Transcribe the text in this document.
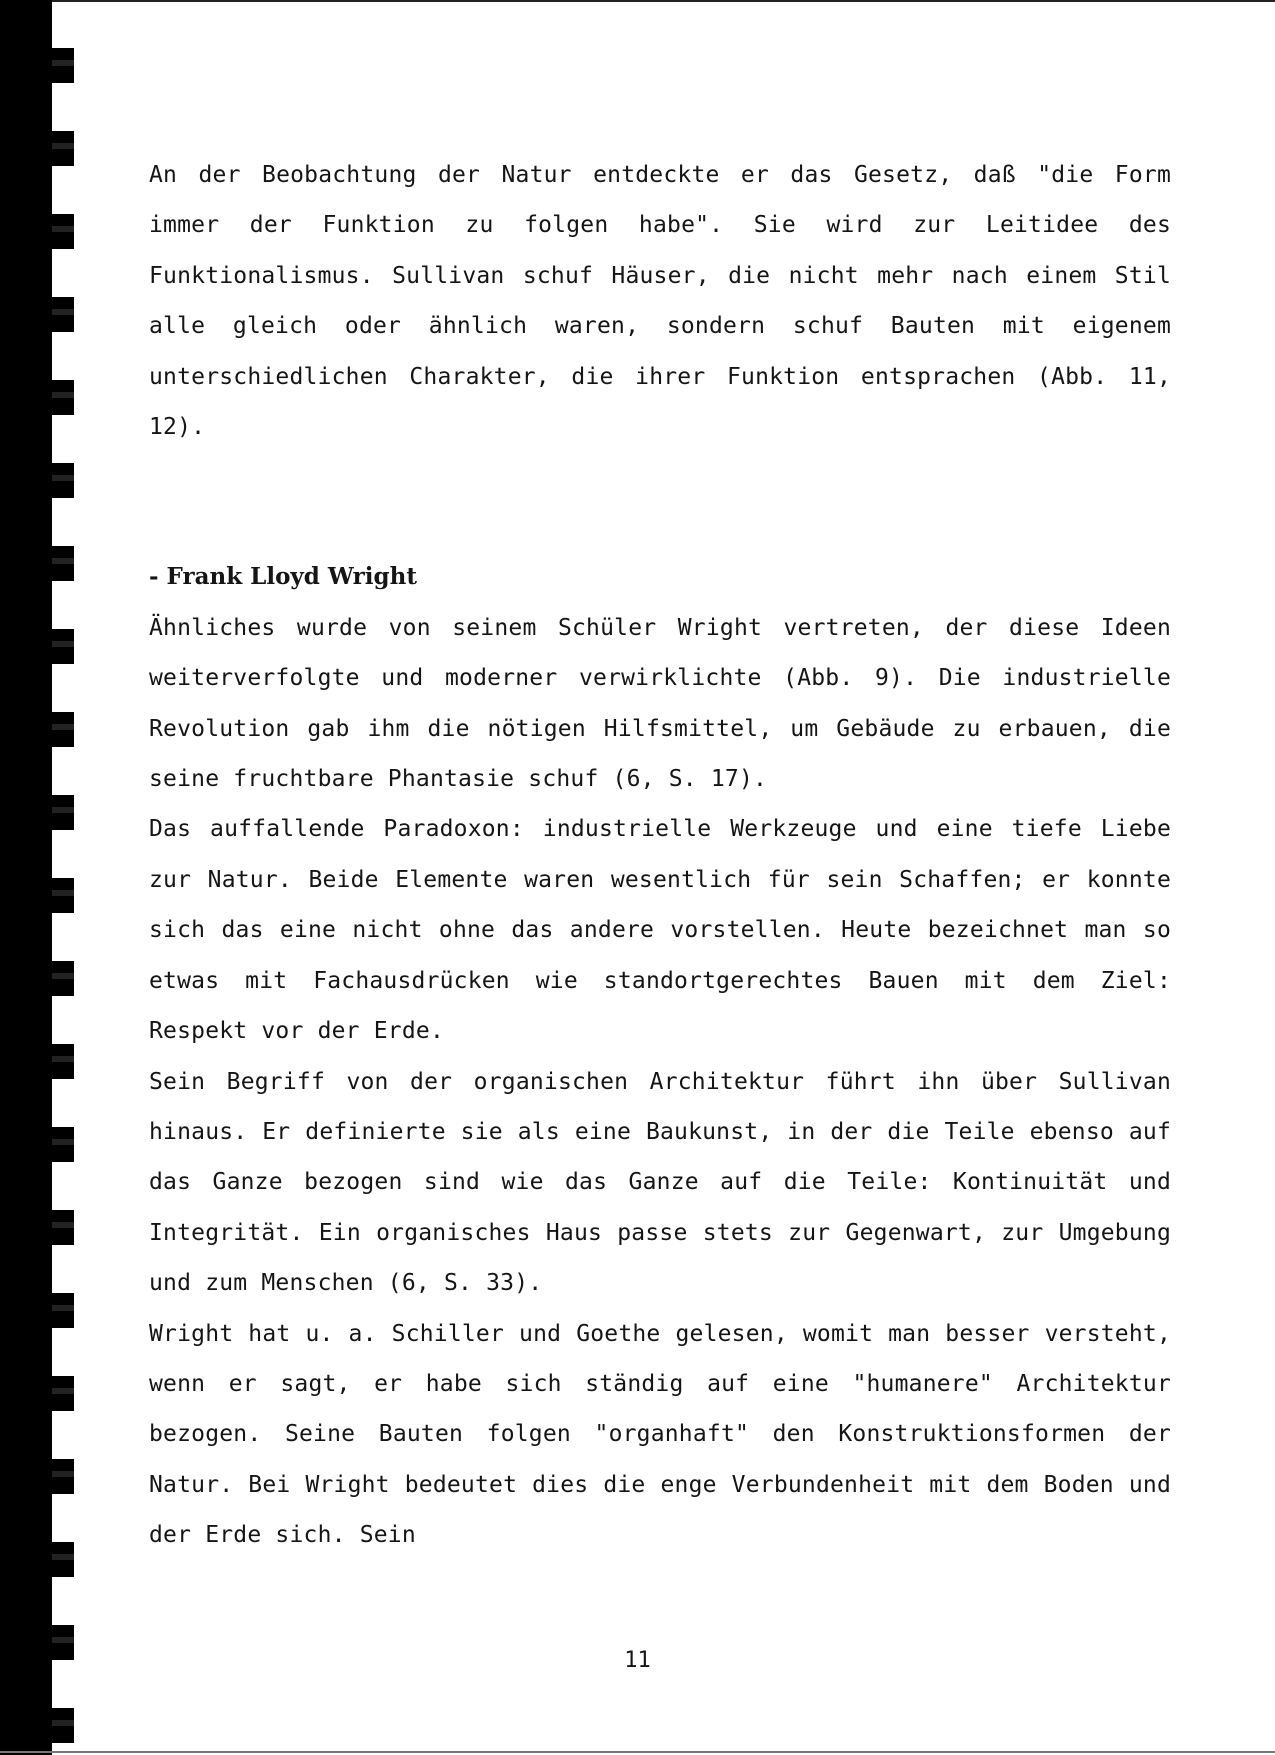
An der Beobachtung der Natur entdeckte er das Gesetz, daß "die Form immer der Funktion zu folgen habe". Sie wird zur Leitidee des Funktionalismus. Sullivan schuf Häuser, die nicht mehr nach einem Stil alle gleich oder ähnlich waren, sondern schuf Bauten mit eigenem unterschiedlichen Charakter, die ihrer Funktion entsprachen (Abb. 11, 12).

- Frank Lloyd Wright

Ähnliches wurde von seinem Schüler Wright vertreten, der diese Ideen weiterverfolgte und moderner verwirklichte (Abb. 9). Die industrielle Revolution gab ihm die nötigen Hilfsmittel, um Gebäude zu erbauen, die seine fruchtbare Phantasie schuf (6, S. 17).

Das auffallende Paradoxon: industrielle Werkzeuge und eine tiefe Liebe zur Natur. Beide Elemente waren wesentlich für sein Schaffen; er konnte sich das eine nicht ohne das andere vorstellen. Heute bezeichnet man so etwas mit Fachausdrücken wie standortgerechtes Bauen mit dem Ziel: Respekt vor der Erde.

Sein Begriff von der organischen Architektur führt ihn über Sullivan hinaus. Er definierte sie als eine Baukunst, in der die Teile ebenso auf das Ganze bezogen sind wie das Ganze auf die Teile: Kontinuität und Integrität. Ein organisches Haus passe stets zur Gegenwart, zur Umgebung und zum Menschen (6, S. 33).

Wright hat u. a. Schiller und Goethe gelesen, womit man besser versteht, wenn er sagt, er habe sich ständig auf eine "humanere" Architektur bezogen. Seine Bauten folgen "organhaft" den Konstruktionsformen der Natur. Bei Wright bedeutet dies die enge Verbundenheit mit dem Boden und der Erde sich. Sein

11
